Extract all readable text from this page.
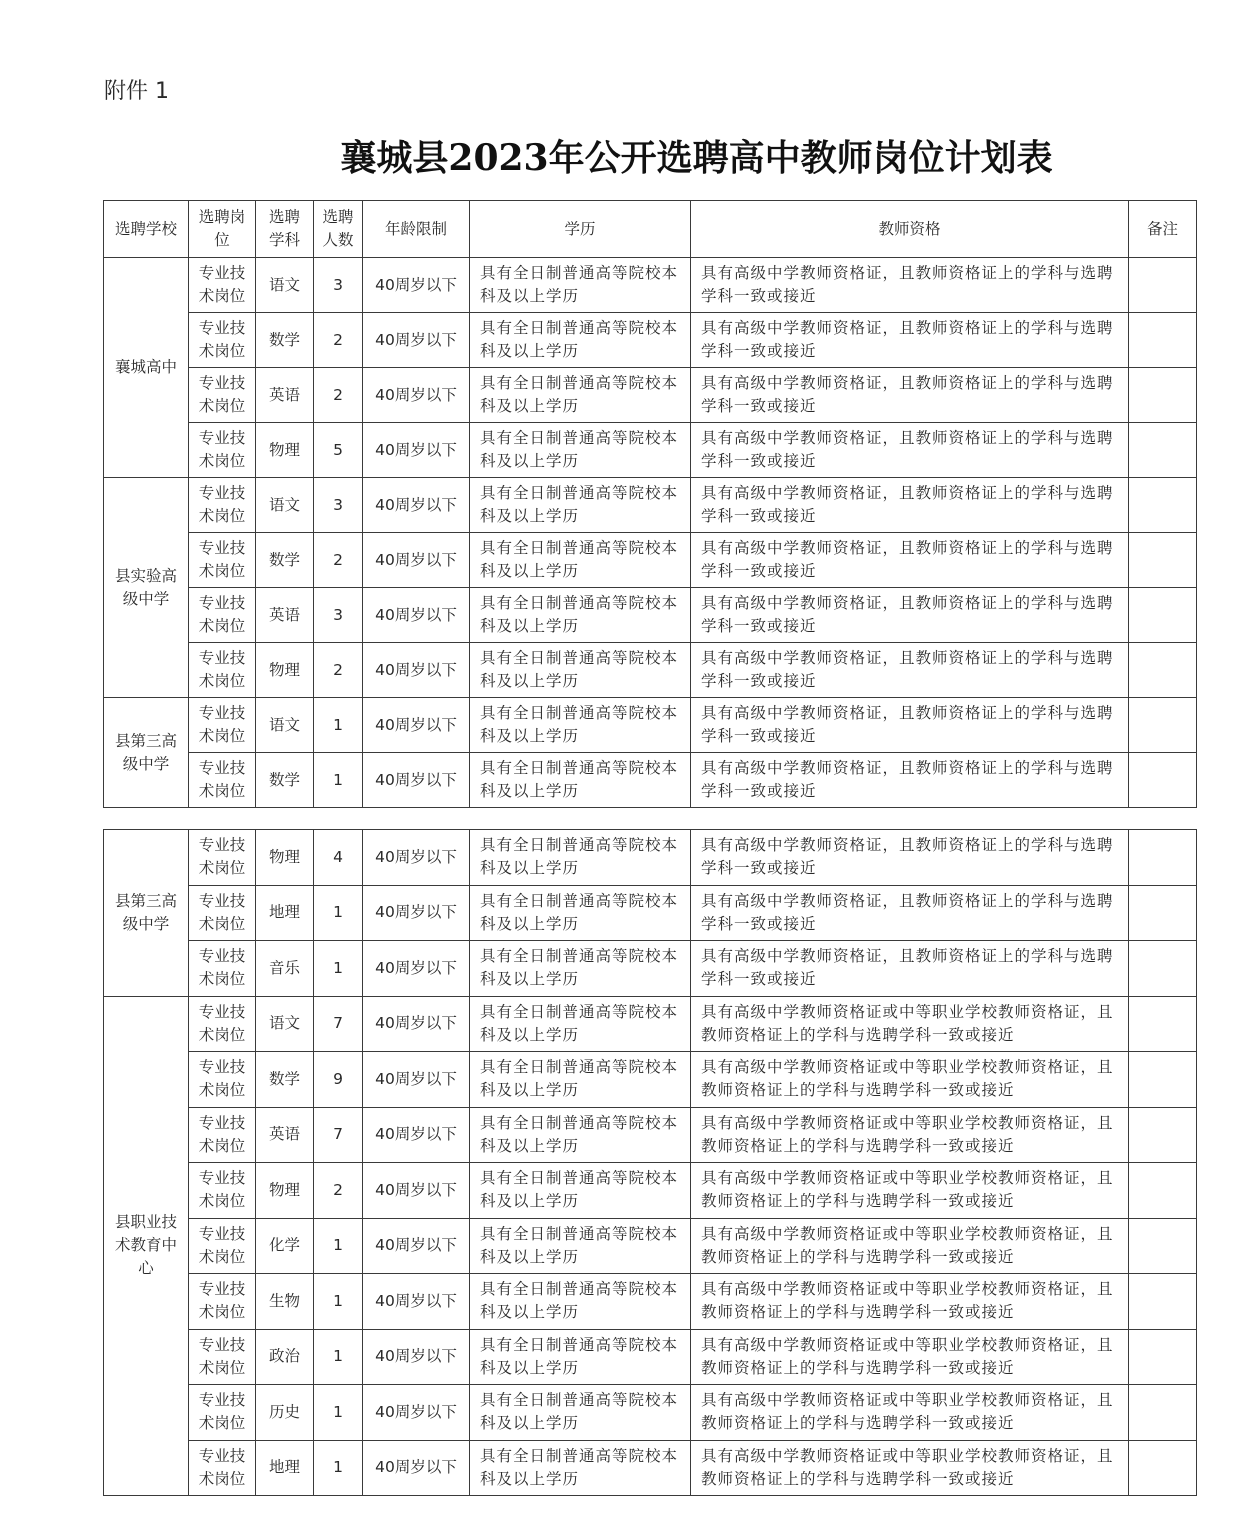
附件 1
襄城县2023年公开选聘高中教师岗位计划表
选聘学校	选聘岗位	选聘学科	选聘人数	年龄限制	学历	教师资格	备注
襄城高中	专业技术岗位	语文	3	40周岁以下	具有全日制普通高等院校本科及以上学历	具有高级中学教师资格证，且教师资格证上的学科与选聘学科一致或接近	
	专业技术岗位	数学	2	40周岁以下	具有全日制普通高等院校本科及以上学历	具有高级中学教师资格证，且教师资格证上的学科与选聘学科一致或接近	
	专业技术岗位	英语	2	40周岁以下	具有全日制普通高等院校本科及以上学历	具有高级中学教师资格证，且教师资格证上的学科与选聘学科一致或接近	
	专业技术岗位	物理	5	40周岁以下	具有全日制普通高等院校本科及以上学历	具有高级中学教师资格证，且教师资格证上的学科与选聘学科一致或接近	
县实验高级中学	专业技术岗位	语文	3	40周岁以下	具有全日制普通高等院校本科及以上学历	具有高级中学教师资格证，且教师资格证上的学科与选聘学科一致或接近	
	专业技术岗位	数学	2	40周岁以下	具有全日制普通高等院校本科及以上学历	具有高级中学教师资格证，且教师资格证上的学科与选聘学科一致或接近	
	专业技术岗位	英语	3	40周岁以下	具有全日制普通高等院校本科及以上学历	具有高级中学教师资格证，且教师资格证上的学科与选聘学科一致或接近	
	专业技术岗位	物理	2	40周岁以下	具有全日制普通高等院校本科及以上学历	具有高级中学教师资格证，且教师资格证上的学科与选聘学科一致或接近	
县第三高级中学	专业技术岗位	语文	1	40周岁以下	具有全日制普通高等院校本科及以上学历	具有高级中学教师资格证，且教师资格证上的学科与选聘学科一致或接近	
	专业技术岗位	数学	1	40周岁以下	具有全日制普通高等院校本科及以上学历	具有高级中学教师资格证，且教师资格证上的学科与选聘学科一致或接近	
县第三高级中学	专业技术岗位	物理	4	40周岁以下	具有全日制普通高等院校本科及以上学历	具有高级中学教师资格证，且教师资格证上的学科与选聘学科一致或接近	
	专业技术岗位	地理	1	40周岁以下	具有全日制普通高等院校本科及以上学历	具有高级中学教师资格证，且教师资格证上的学科与选聘学科一致或接近	
	专业技术岗位	音乐	1	40周岁以下	具有全日制普通高等院校本科及以上学历	具有高级中学教师资格证，且教师资格证上的学科与选聘学科一致或接近	
县职业技术教育中心	专业技术岗位	语文	7	40周岁以下	具有全日制普通高等院校本科及以上学历	具有高级中学教师资格证或中等职业学校教师资格证，且教师资格证上的学科与选聘学科一致或接近	
	专业技术岗位	数学	9	40周岁以下	具有全日制普通高等院校本科及以上学历	具有高级中学教师资格证或中等职业学校教师资格证，且教师资格证上的学科与选聘学科一致或接近	
	专业技术岗位	英语	7	40周岁以下	具有全日制普通高等院校本科及以上学历	具有高级中学教师资格证或中等职业学校教师资格证，且教师资格证上的学科与选聘学科一致或接近	
	专业技术岗位	物理	2	40周岁以下	具有全日制普通高等院校本科及以上学历	具有高级中学教师资格证或中等职业学校教师资格证，且教师资格证上的学科与选聘学科一致或接近	
	专业技术岗位	化学	1	40周岁以下	具有全日制普通高等院校本科及以上学历	具有高级中学教师资格证或中等职业学校教师资格证，且教师资格证上的学科与选聘学科一致或接近	
	专业技术岗位	生物	1	40周岁以下	具有全日制普通高等院校本科及以上学历	具有高级中学教师资格证或中等职业学校教师资格证，且教师资格证上的学科与选聘学科一致或接近	
	专业技术岗位	政治	1	40周岁以下	具有全日制普通高等院校本科及以上学历	具有高级中学教师资格证或中等职业学校教师资格证，且教师资格证上的学科与选聘学科一致或接近	
	专业技术岗位	历史	1	40周岁以下	具有全日制普通高等院校本科及以上学历	具有高级中学教师资格证或中等职业学校教师资格证，且教师资格证上的学科与选聘学科一致或接近	
	专业技术岗位	地理	1	40周岁以下	具有全日制普通高等院校本科及以上学历	具有高级中学教师资格证或中等职业学校教师资格证，且教师资格证上的学科与选聘学科一致或接近	
